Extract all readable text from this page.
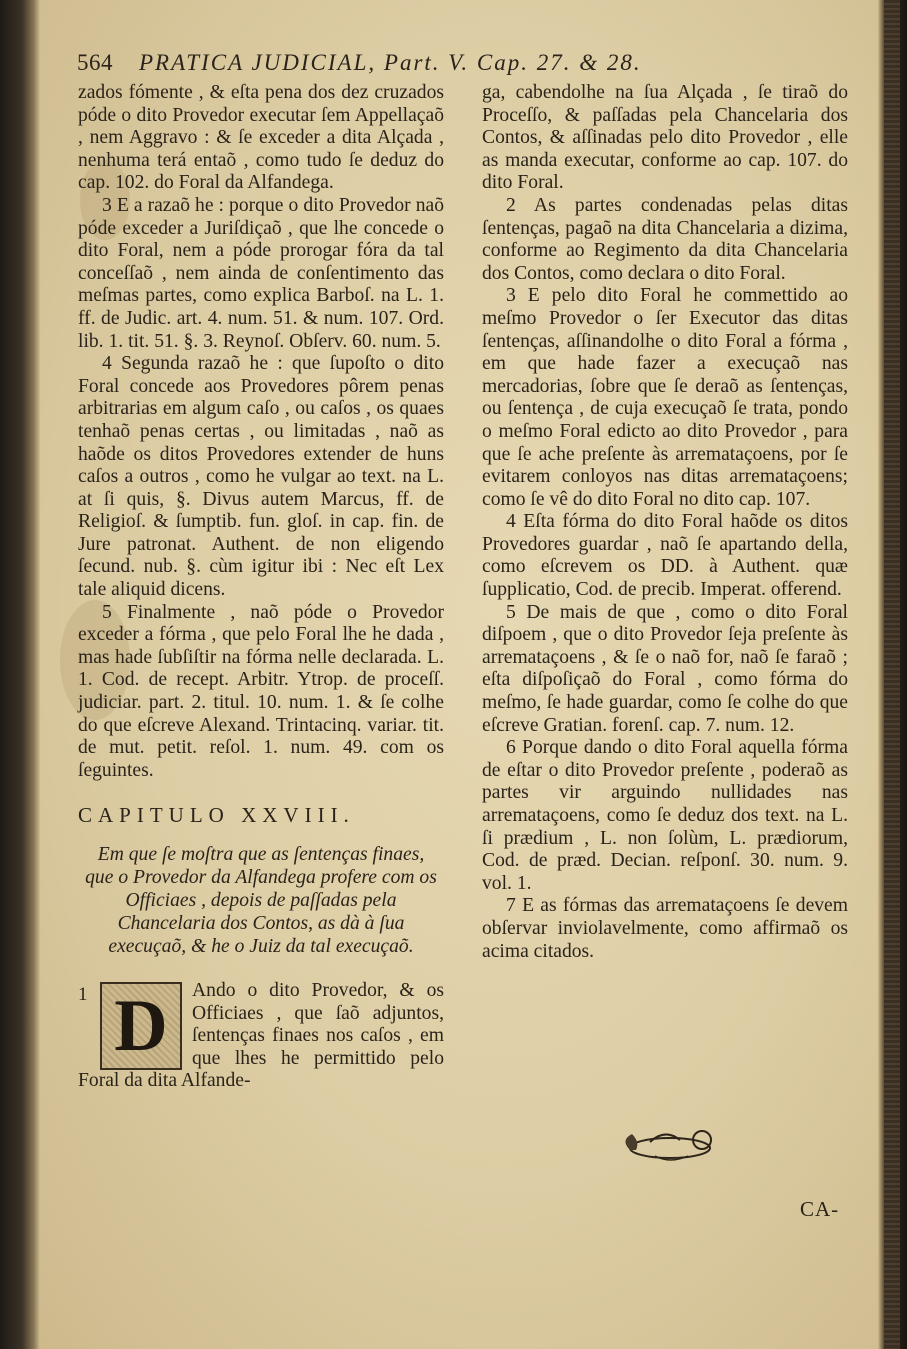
564 PRATICA JUDICIAL, Part. V. Cap. 27. & 28.

zados fómente , & eſta pena dos dez cruzados póde o dito Provedor executar ſem Appellaçaõ , nem Aggravo : & ſe exceder a dita Alçada , nenhuma terá entaõ , como tudo ſe deduz do cap. 102. do Foral da Alfandega.

3 E a razaõ he : porque o dito Provedor naõ póde exceder a Juriſdiçaõ , que lhe concede o dito Foral, nem a póde prorogar fóra da tal conceſſaõ , nem ainda de conſentimento das meſmas partes, como explica Barboſ. na L. 1. ff. de Judic. art. 4. num. 51. & num. 107. Ord. lib. 1. tit. 51. §. 3. Reynoſ. Obſerv. 60. num. 5.

4 Segunda razaõ he : que ſupoſto o dito Foral concede aos Provedores pôrem penas arbitrarias em algum caſo , ou caſos , os quaes tenhaõ penas certas , ou limitadas , naõ as haõde os ditos Provedores extender de huns caſos a outros , como he vulgar ao text. na L. at ſi quis, §. Divus autem Marcus, ff. de Religioſ. & ſumptib. fun. gloſ. in cap. fin. de Jure patronat. Authent. de non eligendo ſecund. nub. §. cùm igitur ibi : Nec eſt Lex tale aliquid dicens.

5 Finalmente , naõ póde o Provedor exceder a fórma , que pelo Foral lhe he dada , mas hade ſubſiſtir na fórma nelle declarada. L. 1. Cod. de recept. Arbitr. Ytrop. de proceſſ. judiciar. part. 2. titul. 10. num. 1. & ſe colhe do que eſcreve Alexand. Trintacinq. variar. tit. de mut. petit. reſol. 1. num. 49. com os ſeguintes.

CAPITULO XXVIII.

Em que ſe moſtra que as ſentenças finaes, que o Provedor da Alfandega profere com os Officiaes , depois de paſſadas pela Chancelaria dos Contos, as dà à ſua execuçaõ, & he o Juiz da tal execuçaõ.

1 D	Ando o dito Provedor, & os Officiaes , que ſaõ adjuntos, ſentenças finaes nos caſos , em que lhes he permittido pelo Foral da dita Alfande-

ga, cabendolhe na ſua Alçada , ſe tiraõ do Proceſſo, & paſſadas pela Chancelaria dos Contos, & aſſinadas pelo dito Provedor , elle as manda executar, conforme ao cap. 107. do dito Foral.

2 As partes condenadas pelas ditas ſentenças, pagaõ na dita Chancelaria a dizima, conforme ao Regimento da dita Chancelaria dos Contos, como declara o dito Foral.

3 E pelo dito Foral he commettido ao meſmo Provedor o ſer Executor das ditas ſentenças, aſſinandolhe o dito Foral a fórma , em que hade fazer a execuçaõ nas mercadorias, ſobre que ſe deraõ as ſentenças, ou ſentença , de cuja execuçaõ ſe trata, pondo o meſmo Foral edicto ao dito Provedor , para que ſe ache preſente às arremataçoens, por ſe evitarem conloyos nas ditas arremataçoens; como ſe vê do dito Foral no dito cap. 107.

4 Eſta fórma do dito Foral haõde os ditos Provedores guardar , naõ ſe apartando della, como eſcrevem os DD. à Authent. quæ ſupplicatio, Cod. de precib. Imperat. offerend.

5 De mais de que , como o dito Foral diſpoem , que o dito Provedor ſeja preſente às arremataçoens , & ſe o naõ for, naõ ſe faraõ ; eſta diſpoſiçaõ do Foral , como fórma do meſmo, ſe hade guardar, como ſe colhe do que eſcreve Gratian. forenſ. cap. 7. num. 12.

6 Porque dando o dito Foral aquella fórma de eſtar o dito Provedor preſente , poderaõ as partes vir arguindo nullidades nas arremataçoens, como ſe deduz dos text. na L. ſi prædium , L. non ſolùm, L. prædiorum, Cod. de præd. Decian. reſponſ. 30. num. 9. vol. 1.

7 E as fórmas das arremataçoens ſe devem obſervar inviolavelmente, como affirmaõ os acima citados.

CA-
